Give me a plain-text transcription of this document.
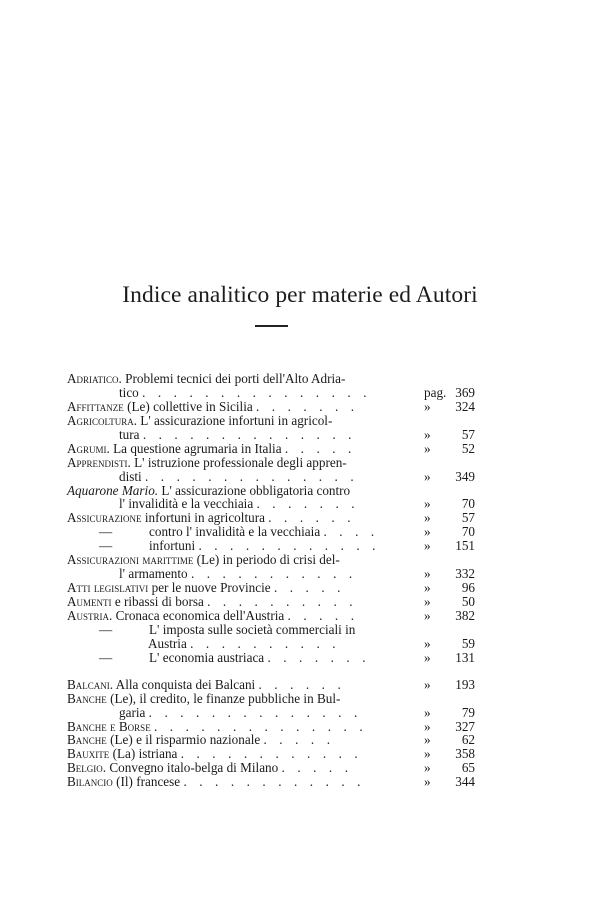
Indice analitico per materie ed Autori
Adriatico. Problemi tecnici dei porti dell'Alto Adria-
tico . . . . . . . . . . . . . . .	pag. 369
Affittanze (Le) collettive in Sicilia . . . . . . .	» 324
Agricoltura. L' assicurazione infortuni in agricol-
tura . . . . . . . . . . . . . .	» 57
Agrumi. La questione agrumaria in Italia . . . . .	» 52
Apprendisti. L' istruzione professionale degli appren-
disti . . . . . . . . . . . . . .	» 349
Aquarone Mario. L' assicurazione obbligatoria contro
l' invalidità e la vecchiaia . . . . . . .	» 70
Assicurazione infortuni in agricoltura . . . . . .	» 57
—	contro l' invalidità e la vecchiaia . . . .	» 70
—	infortuni . . . . . . . . . . . .	» 151
Assicurazioni marittime (Le) in periodo di crisi del-
l' armamento . . . . . . . . . . .	» 332
Atti legislativi per le nuove Provincie . . . . .	» 96
Aumenti e ribassi di borsa . . . . . . . . . .	» 50
Austria. Cronaca economica dell'Austria . . . . .	» 382
—	L' imposta sulle società commerciali in
Austria . . . . . . . . . .	» 59
—	L' economia austriaca . . . . . . .	» 131
Balcani. Alla conquista dei Balcani . . . . . .	» 193
Banche (Le), il credito, le finanze pubbliche in Bul-
garia . . . . . . . . . . . . . .	» 79
Banche e Borse . . . . . . . . . . . . . .	» 327
Banche (Le) e il risparmio nazionale . . . . .	» 62
Bauxite (La) istriana . . . . . . . . . . . .	» 358
Belgio. Convegno italo-belga di Milano . . . . .	» 65
Bilancio (Il) francese . . . . . . . . . . . .	» 344
